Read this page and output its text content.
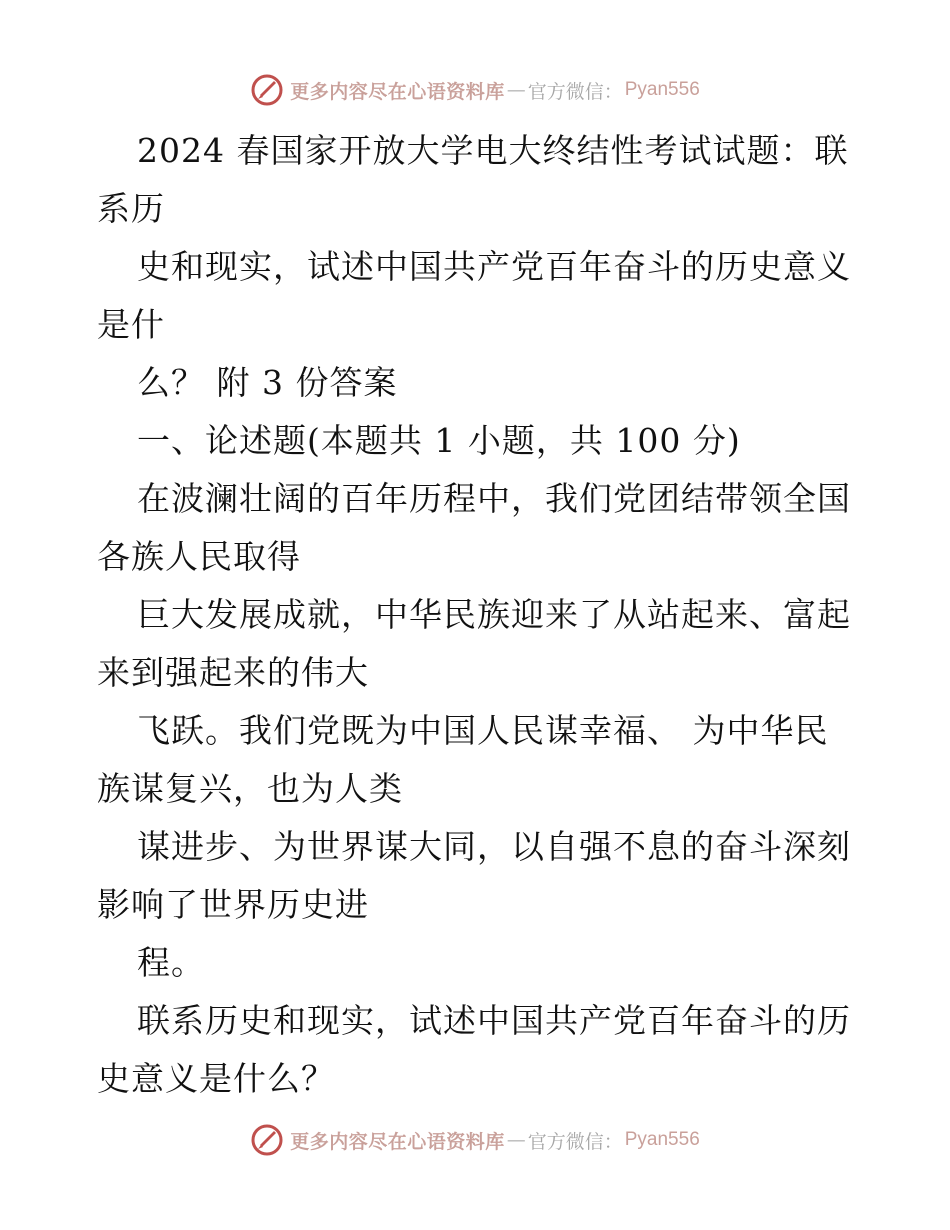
更多内容尽在心语资料库 — 官方微信： Pyan556
2024 春国家开放大学电大终结性考试试题：联
系历
史和现实，试述中国共产党百年奋斗的历史意义
是什
么？ 附 3 份答案
一、论述题(本题共 1 小题，共 100 分)
在波澜壮阔的百年历程中，我们党团结带领全国
各族人民取得
巨大发展成就，中华民族迎来了从站起来、富起
来到强起来的伟大
飞跃。我们党既为中国人民谋幸福、 为中华民
族谋复兴，也为人类
谋进步、为世界谋大同，以自强不息的奋斗深刻
影响了世界历史进
程。
联系历史和现实，试述中国共产党百年奋斗的历
史意义是什么？
更多内容尽在心语资料库 — 官方微信： Pyan556
